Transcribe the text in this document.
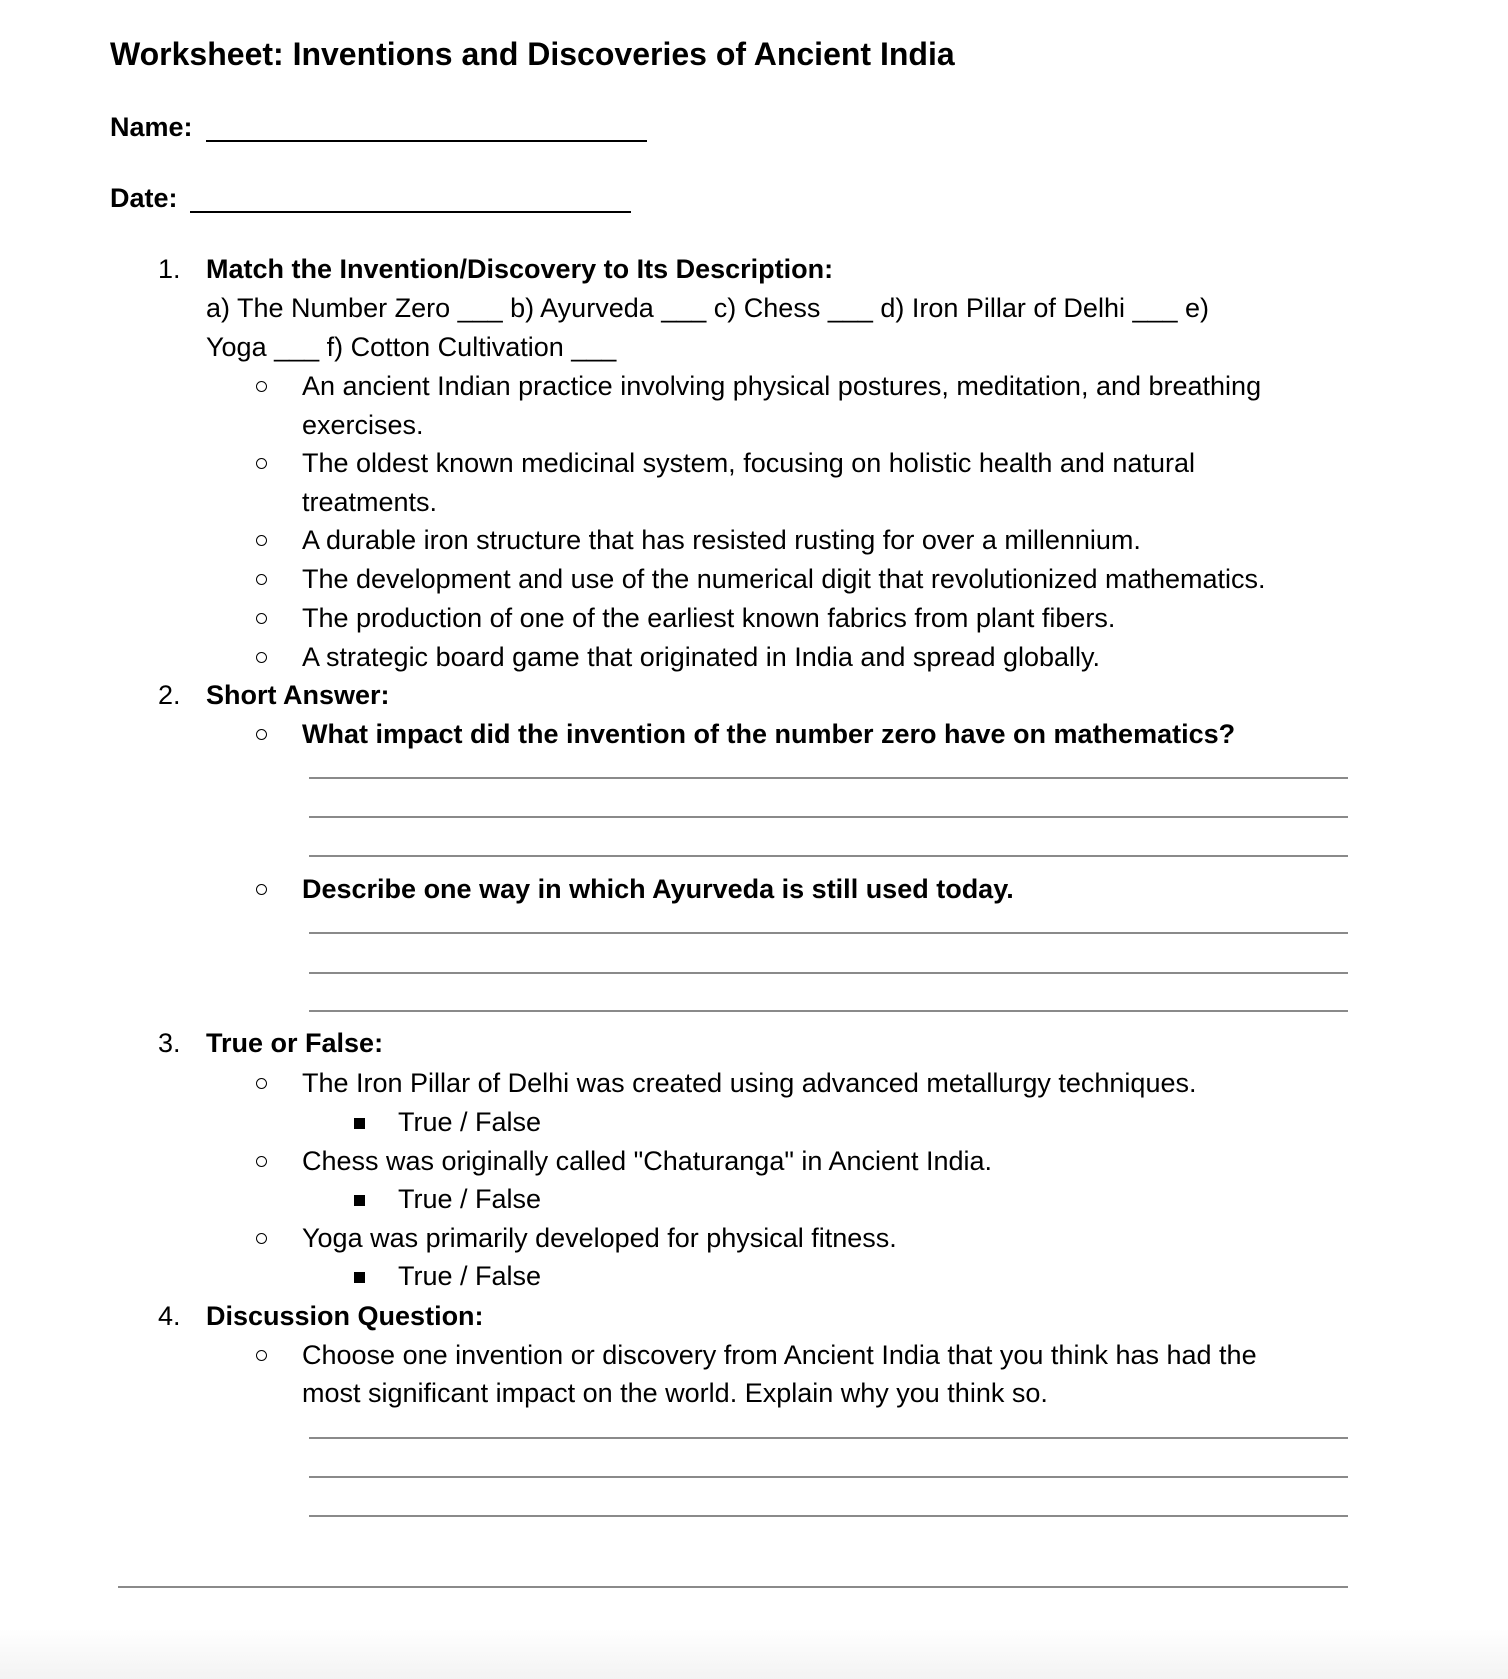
Worksheet: Inventions and Discoveries of Ancient India
Name:
Date:
1. Match the Invention/Discovery to Its Description:
a) The Number Zero ___ b) Ayurveda ___ c) Chess ___ d) Iron Pillar of Delhi ___ e)
Yoga ___ f) Cotton Cultivation ___
An ancient Indian practice involving physical postures, meditation, and breathing
exercises.
The oldest known medicinal system, focusing on holistic health and natural
treatments.
A durable iron structure that has resisted rusting for over a millennium.
The development and use of the numerical digit that revolutionized mathematics.
The production of one of the earliest known fabrics from plant fibers.
A strategic board game that originated in India and spread globally.
2. Short Answer:
What impact did the invention of the number zero have on mathematics?
Describe one way in which Ayurveda is still used today.
3. True or False:
The Iron Pillar of Delhi was created using advanced metallurgy techniques.
True / False
Chess was originally called "Chaturanga" in Ancient India.
True / False
Yoga was primarily developed for physical fitness.
True / False
4. Discussion Question:
Choose one invention or discovery from Ancient India that you think has had the
most significant impact on the world. Explain why you think so.
